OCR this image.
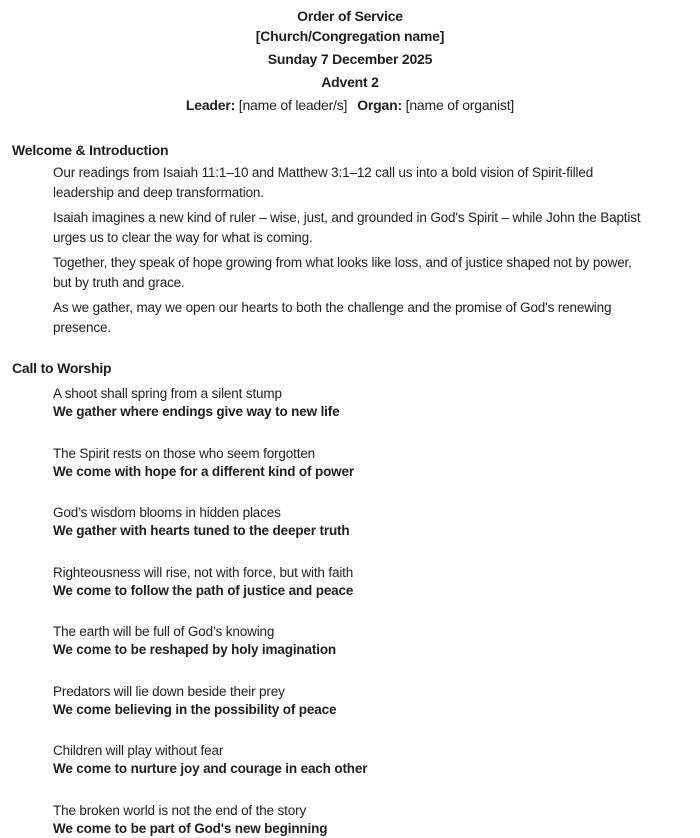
Order of Service
[Church/Congregation name]
Sunday 7 December 2025
Advent 2
Leader: [name of leader/s] Organ: [name of organist]
Welcome & Introduction

Our readings from Isaiah 11:1–10 and Matthew 3:1–12 call us into a bold vision of Spirit-filled
leadership and deep transformation.

Isaiah imagines a new kind of ruler – wise, just, and grounded in God's Spirit – while John the Baptist
urges us to clear the way for what is coming.

Together, they speak of hope growing from what looks like loss, and of justice shaped not by power,
but by truth and grace.

As we gather, may we open our hearts to both the challenge and the promise of God's renewing
presence.

Call to Worship
A shoot shall spring from a silent stump
We gather where endings give way to new life
The Spirit rests on those who seem forgotten
We come with hope for a different kind of power
God’s wisdom blooms in hidden places
We gather with hearts tuned to the deeper truth
Righteousness will rise, not with force, but with faith
We come to follow the path of justice and peace
The earth will be full of God’s knowing
We come to be reshaped by holy imagination
Predators will lie down beside their prey
We come believing in the possibility of peace
Children will play without fear
We come to nurture joy and courage in each other
The broken world is not the end of the story
We come to be part of God's new beginning
